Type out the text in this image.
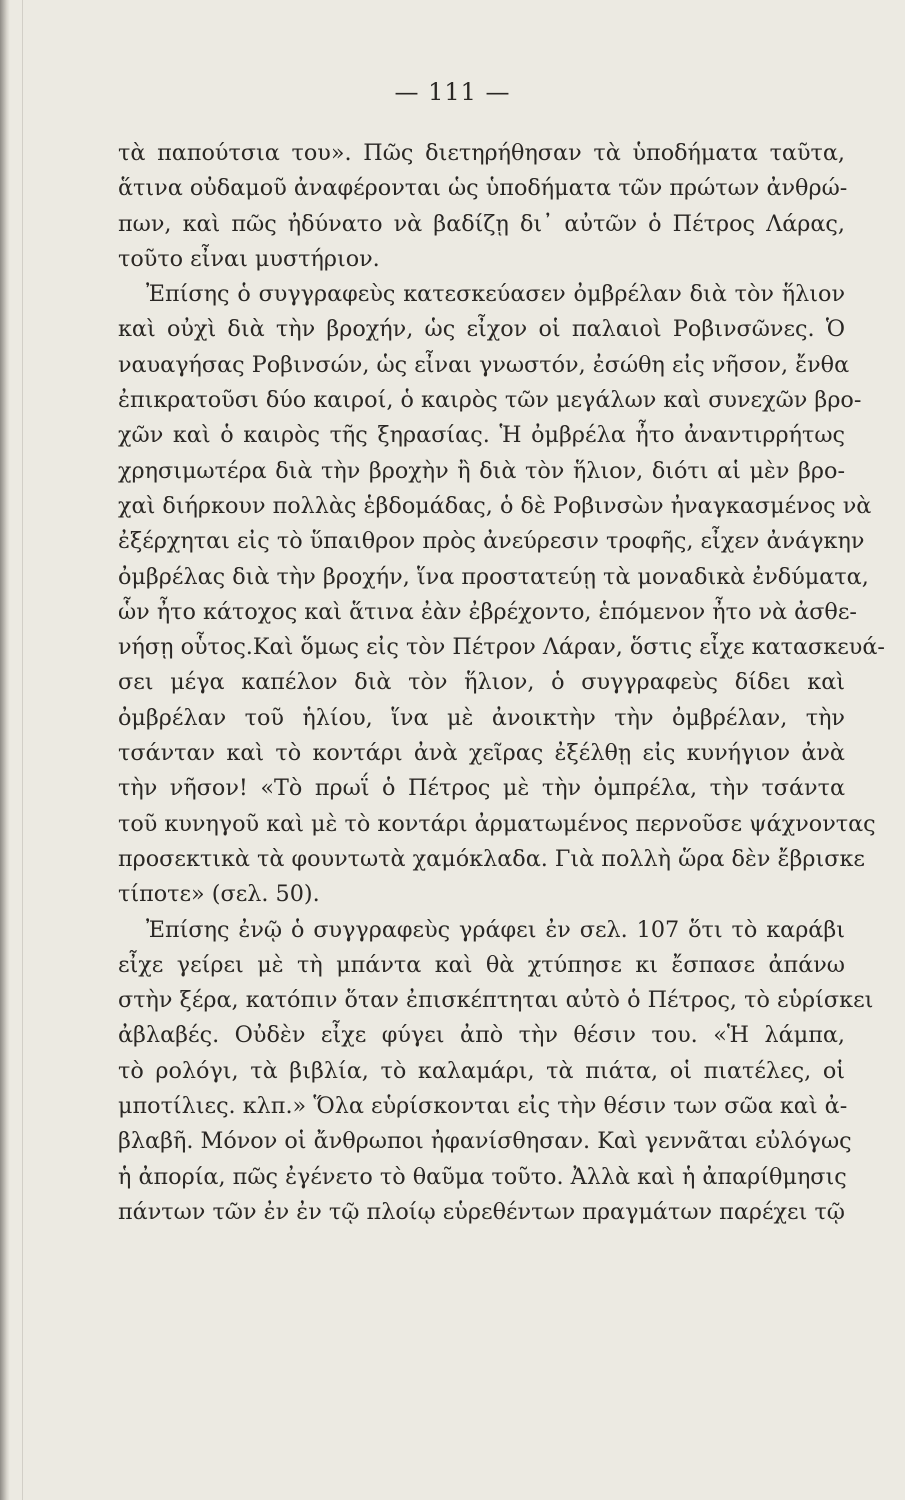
— 111 —
τὰ παπούτσια του». Πῶς διετηρήθησαν τὰ ὑποδήματα ταῦτα,
ἅτινα οὐδαμοῦ ἀναφέρονται ὡς ὑποδήματα τῶν πρώτων ἀνθρώ-
πων, καὶ πῶς ἠδύνατο νὰ βαδίζῃ δι᾽ αὐτῶν ὁ Πέτρος Λάρας,
τοῦτο εἶναι μυστήριον.
Ἐπίσης ὁ συγγραφεὺς κατεσκεύασεν ὀμβρέλαν διὰ τὸν ἥλιον
καὶ οὐχὶ διὰ τὴν βροχήν, ὡς εἶχον οἱ παλαιοὶ Ροβινσῶνες. Ὁ
ναυαγήσας Ροβινσών, ὡς εἶναι γνωστόν, ἐσώθη εἰς νῆσον, ἔνθα
ἐπικρατοῦσι δύο καιροί, ὁ καιρὸς τῶν μεγάλων καὶ συνεχῶν βρο-
χῶν καὶ ὁ καιρὸς τῆς ξηρασίας. Ἡ ὀμβρέλα ἦτο ἀναντιρρήτως
χρησιμωτέρα διὰ τὴν βροχὴν ἢ διὰ τὸν ἥλιον, διότι αἱ μὲν βρο-
χαὶ διήρκουν πολλὰς ἑβδομάδας, ὁ δὲ Ροβινσὼν ἠναγκασμένος νὰ
ἐξέρχηται εἰς τὸ ὕπαιθρον πρὸς ἀνεύρεσιν τροφῆς, εἶχεν ἀνάγκην
ὀμβρέλας διὰ τὴν βροχήν, ἵνα προστατεύῃ τὰ μοναδικὰ ἐνδύματα,
ὧν ἦτο κάτοχος καὶ ἅτινα ἐὰν ἐβρέχοντο, ἑπόμενον ἦτο νὰ ἀσθε-
νήσῃ οὗτος.Καὶ ὅμως εἰς τὸν Πέτρον Λάραν, ὅστις εἶχε κατασκευά-
σει μέγα καπέλον διὰ τὸν ἥλιον, ὁ συγγραφεὺς δίδει καὶ
ὀμβρέλαν τοῦ ἡλίου, ἵνα μὲ ἀνοικτὴν τὴν ὀμβρέλαν, τὴν
τσάνταν καὶ τὸ κοντάρι ἀνὰ χεῖρας ἐξέλθῃ εἰς κυνήγιον ἀνὰ
τὴν νῆσον! «Τὸ πρωΐ ὁ Πέτρος μὲ τὴν ὀμπρέλα, τὴν τσάντα
τοῦ κυνηγοῦ καὶ μὲ τὸ κοντάρι ἀρματωμένος περνοῦσε ψάχνοντας
προσεκτικὰ τὰ φουντωτὰ χαμόκλαδα. Γιὰ πολλὴ ὥρα δὲν ἔβρισκε
τίποτε» (σελ. 50).
Ἐπίσης ἐνῷ ὁ συγγραφεὺς γράφει ἐν σελ. 107 ὅτι τὸ καράβι
εἶχε γείρει μὲ τὴ μπάντα καὶ θὰ χτύπησε κι ἔσπασε ἀπάνω
στὴν ξέρα, κατόπιν ὅταν ἐπισκέπτηται αὐτὸ ὁ Πέτρος, τὸ εὑρίσκει
ἀβλαβές. Οὐδὲν εἶχε φύγει ἀπὸ τὴν θέσιν του. «Ἡ λάμπα,
τὸ ρολόγι, τὰ βιβλία, τὸ καλαμάρι, τὰ πιάτα, οἱ πιατέλες, οἱ
μποτίλιες. κλπ.» Ὅλα εὑρίσκονται εἰς τὴν θέσιν των σῶα καὶ ἀ-
βλαβῆ. Μόνον οἱ ἄνθρωποι ἠφανίσθησαν. Καὶ γεννᾶται εὐλόγως
ἡ ἀπορία, πῶς ἐγένετο τὸ θαῦμα τοῦτο. Ἀλλὰ καὶ ἡ ἀπαρίθμησις
πάντων τῶν ἐν ἐν τῷ πλοίῳ εὑρεθέντων πραγμάτων παρέχει τῷ
